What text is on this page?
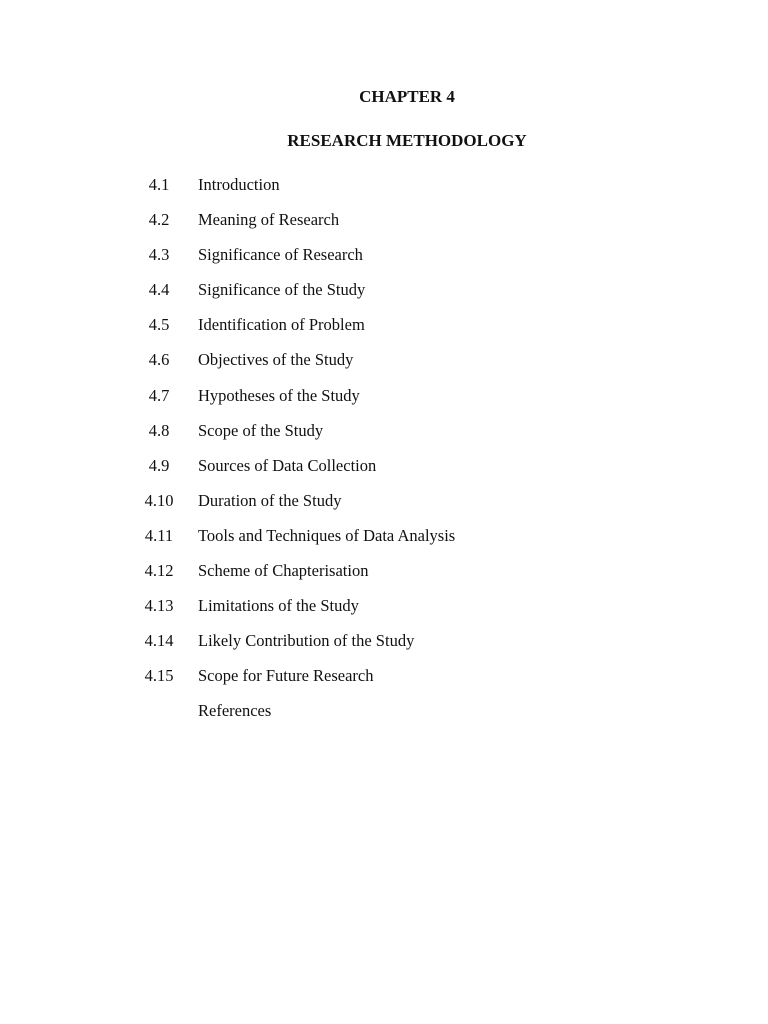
CHAPTER 4
RESEARCH METHODOLOGY
4.1	Introduction
4.2	Meaning of Research
4.3	Significance of Research
4.4	Significance of the Study
4.5	Identification of Problem
4.6	Objectives of the Study
4.7	Hypotheses of the Study
4.8	Scope of the Study
4.9	Sources of Data Collection
4.10 Duration of the Study
4.11 Tools and Techniques of Data Analysis
4.12 Scheme of Chapterisation
4.13 Limitations of the Study
4.14 Likely Contribution of the Study
4.15 Scope for Future Research
References
